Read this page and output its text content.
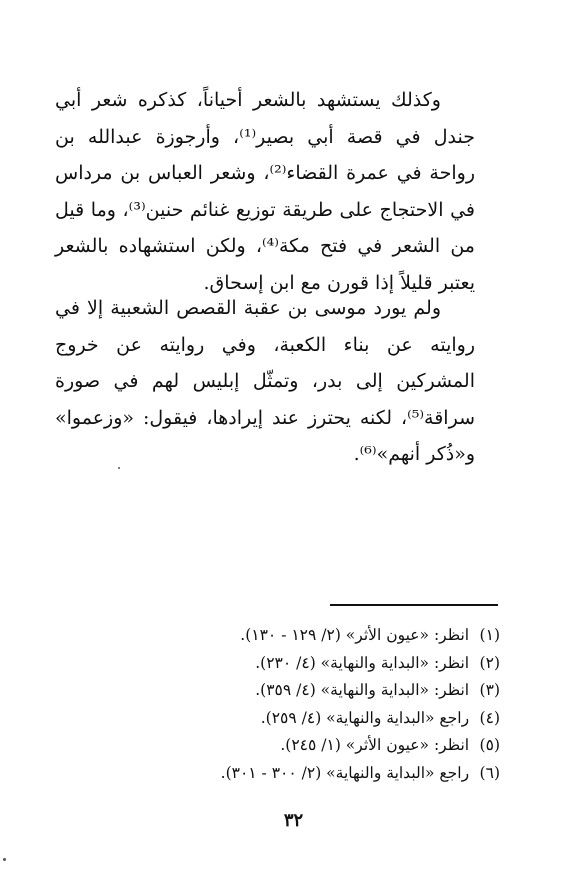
وكذلك يستشهد بالشعر أحياناً، كذكره شعر أبي جندل في قصة أبي بصير⁽¹⁾، وأرجوزة عبدالله بن رواحة في عمرة القضاء⁽²⁾، وشعر العباس بن مرداس في الاحتجاج على طريقة توزيع غنائم حنين⁽³⁾، وما قيل من الشعر في فتح مكة⁽⁴⁾، ولكن استشهاده بالشعر يعتبر قليلاً إذا قورن مع ابن إسحاق.

ولم يورد موسى بن عقبة القصص الشعبية إلا في روايته عن بناء الكعبة، وفي روايته عن خروج المشركين إلى بدر، وتمثّل إبليس لهم في صورة سراقة⁽⁵⁾، لكنه يحترز عند إيرادها، فيقول: «وزعموا» و«ذُكر أنهم»⁽⁶⁾.

(١) انظر: «عيون الأثر» (٢/ ١٢٩ - ١٣٠).
(٢) انظر: «البداية والنهاية» (٤/ ٢٣٠).
(٣) انظر: «البداية والنهاية» (٤/ ٣٥٩).
(٤) راجع «البداية والنهاية» (٤/ ٢٥٩).
(٥) انظر: «عيون الأثر» (١/ ٢٤٥).
(٦) راجع «البداية والنهاية» (٢/ ٣٠٠ - ٣٠١).
٣٢
